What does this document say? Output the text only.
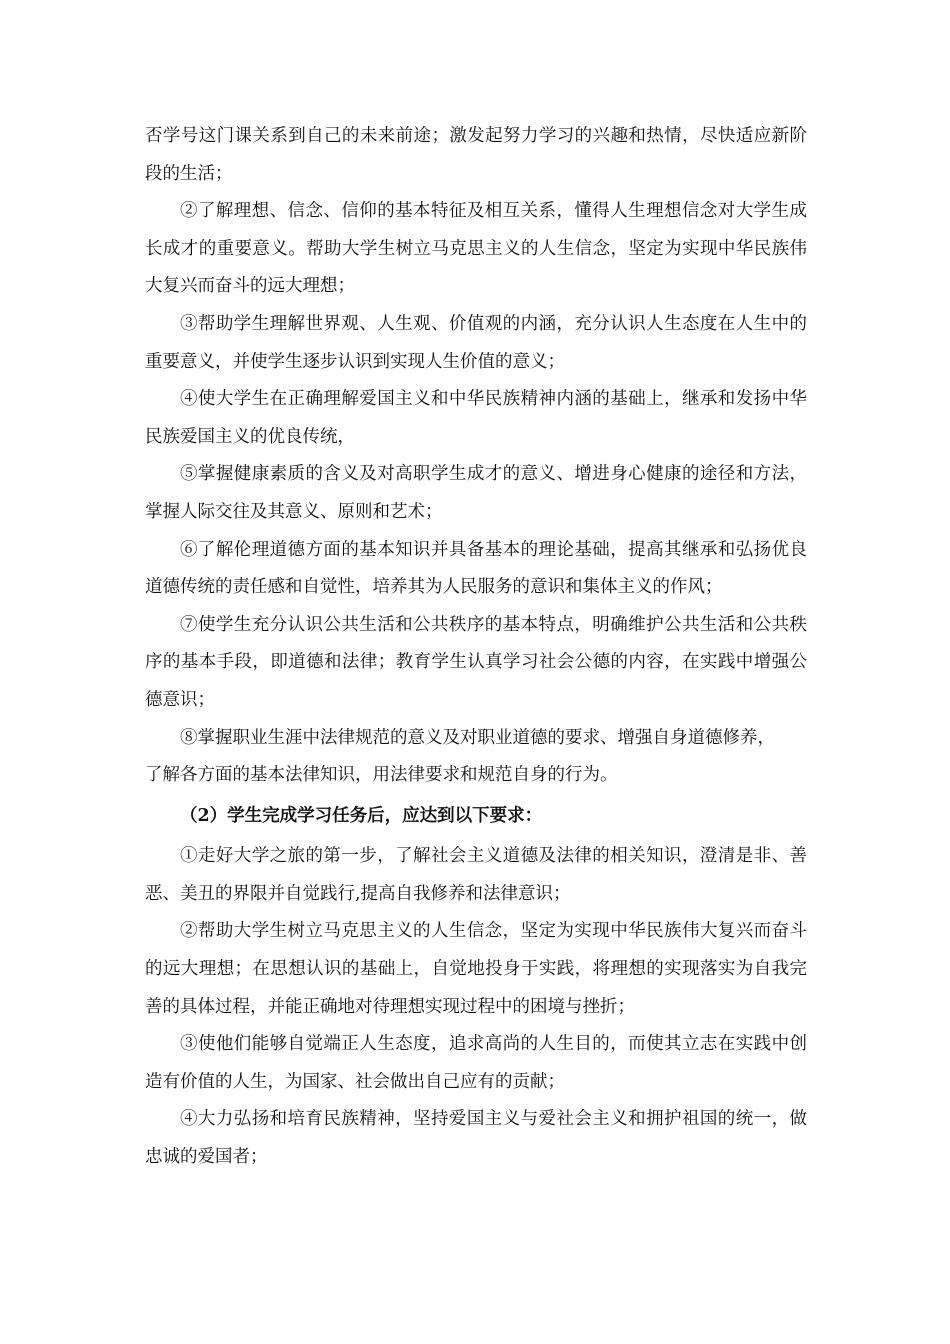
否学号这门课关系到自己的未来前途；激发起努力学习的兴趣和热情，尽快适应新阶段的生活；

②了解理想、信念、信仰的基本特征及相互关系，懂得人生理想信念对大学生成长成才的重要意义。帮助大学生树立马克思主义的人生信念，坚定为实现中华民族伟大复兴而奋斗的远大理想；

③帮助学生理解世界观、人生观、价值观的内涵，充分认识人生态度在人生中的重要意义，并使学生逐步认识到实现人生价值的意义；

④使大学生在正确理解爱国主义和中华民族精神内涵的基础上，继承和发扬中华民族爱国主义的优良传统，

⑤掌握健康素质的含义及对高职学生成才的意义、增进身心健康的途径和方法，掌握人际交往及其意义、原则和艺术；

⑥了解伦理道德方面的基本知识并具备基本的理论基础，提高其继承和弘扬优良道德传统的责任感和自觉性，培养其为人民服务的意识和集体主义的作风；

⑦使学生充分认识公共生活和公共秩序的基本特点，明确维护公共生活和公共秩序的基本手段，即道德和法律；教育学生认真学习社会公德的内容，在实践中增强公德意识；

⑧掌握职业生涯中法律规范的意义及对职业道德的要求、增强自身道德修养，

了解各方面的基本法律知识，用法律要求和规范自身的行为。

（2）学生完成学习任务后，应达到以下要求：

①走好大学之旅的第一步，了解社会主义道德及法律的相关知识，澄清是非、善恶、美丑的界限并自觉践行,提高自我修养和法律意识；

②帮助大学生树立马克思主义的人生信念，坚定为实现中华民族伟大复兴而奋斗的远大理想；在思想认识的基础上，自觉地投身于实践，将理想的实现落实为自我完善的具体过程，并能正确地对待理想实现过程中的困境与挫折；

③使他们能够自觉端正人生态度，追求高尚的人生目的，而使其立志在实践中创造有价值的人生，为国家、社会做出自己应有的贡献；

④大力弘扬和培育民族精神，坚持爱国主义与爱社会主义和拥护祖国的统一，做忠诚的爱国者；
